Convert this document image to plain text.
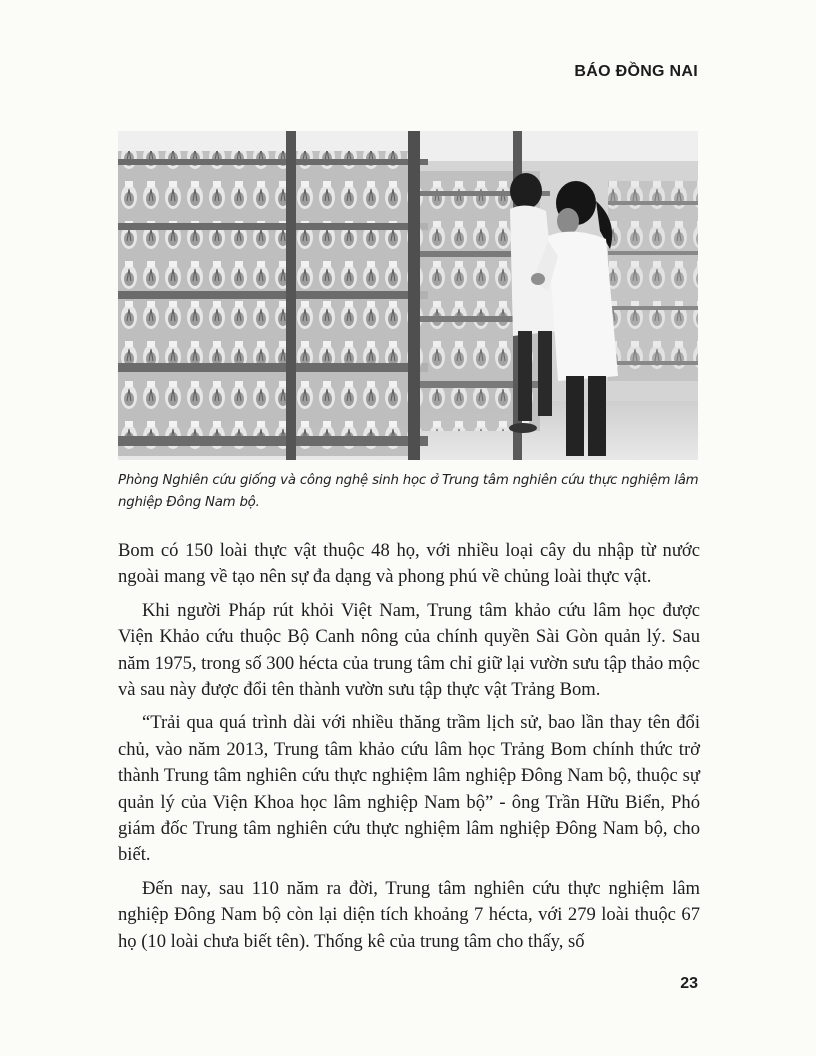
BÁO ĐỒNG NAI
Phòng Nghiên cứu giống và công nghệ sinh học ở Trung tâm nghiên cứu thực nghiệm lâm nghiệp Đông Nam bộ.

Bom có 150 loài thực vật thuộc 48 họ, với nhiều loại cây du nhập từ nước ngoài mang về tạo nên sự đa dạng và phong phú về chủng loài thực vật.

Khi người Pháp rút khỏi Việt Nam, Trung tâm khảo cứu lâm học được Viện Khảo cứu thuộc Bộ Canh nông của chính quyền Sài Gòn quản lý. Sau năm 1975, trong số 300 hécta của trung tâm chỉ giữ lại vườn sưu tập thảo mộc và sau này được đổi tên thành vườn sưu tập thực vật Trảng Bom.

“Trải qua quá trình dài với nhiều thăng trầm lịch sử, bao lần thay tên đổi chủ, vào năm 2013, Trung tâm khảo cứu lâm học Trảng Bom chính thức trở thành Trung tâm nghiên cứu thực nghiệm lâm nghiệp Đông Nam bộ, thuộc sự quản lý của Viện Khoa học lâm nghiệp Nam bộ” - ông Trần Hữu Biển, Phó giám đốc Trung tâm nghiên cứu thực nghiệm lâm nghiệp Đông Nam bộ, cho biết.

Đến nay, sau 110 năm ra đời, Trung tâm nghiên cứu thực nghiệm lâm nghiệp Đông Nam bộ còn lại diện tích khoảng 7 hécta, với 279 loài thuộc 67 họ (10 loài chưa biết tên). Thống kê của trung tâm cho thấy, số

23
